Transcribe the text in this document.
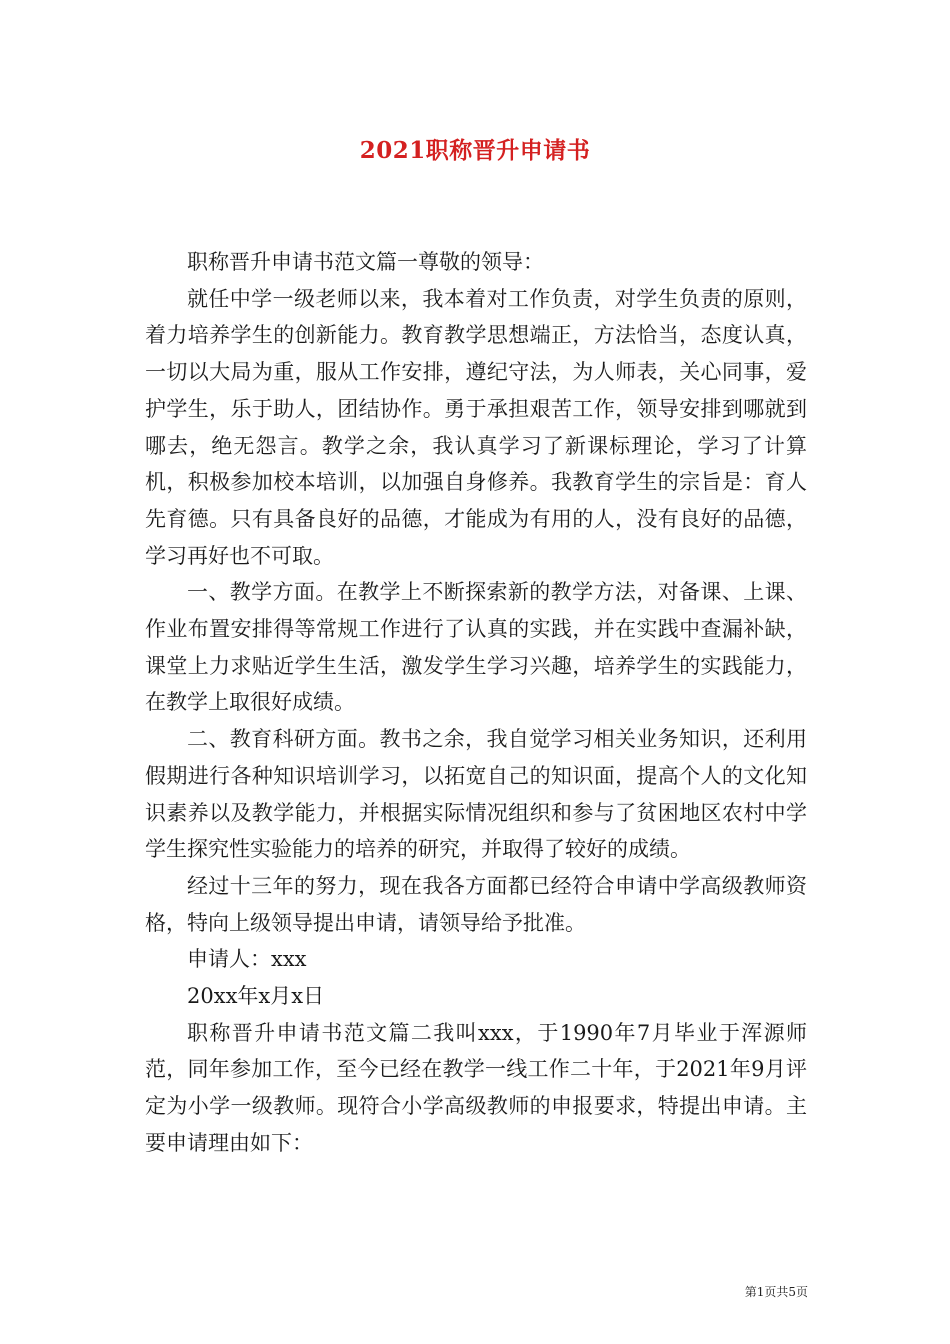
2021职称晋升申请书

职称晋升申请书范文篇一尊敬的领导：

就任中学一级老师以来，我本着对工作负责，对学生负责的原则，着力培养学生的创新能力。教育教学思想端正，方法恰当，态度认真，一切以大局为重，服从工作安排，遵纪守法，为人师表，关心同事，爱护学生，乐于助人，团结协作。勇于承担艰苦工作，领导安排到哪就到哪去，绝无怨言。教学之余，我认真学习了新课标理论，学习了计算机，积极参加校本培训，以加强自身修养。我教育学生的宗旨是：育人先育德。只有具备良好的品德，才能成为有用的人，没有良好的品德，学习再好也不可取。

一、教学方面。在教学上不断探索新的教学方法，对备课、上课、作业布置安排得等常规工作进行了认真的实践，并在实践中查漏补缺，课堂上力求贴近学生生活，激发学生学习兴趣，培养学生的实践能力，在教学上取很好成绩。

二、教育科研方面。教书之余，我自觉学习相关业务知识，还利用假期进行各种知识培训学习，以拓宽自己的知识面，提高个人的文化知识素养以及教学能力，并根据实际情况组织和参与了贫困地区农村中学学生探究性实验能力的培养的研究，并取得了较好的成绩。

经过十三年的努力，现在我各方面都已经符合申请中学高级教师资格，特向上级领导提出申请，请领导给予批准。

申请人：xxx

20xx年x月x日

职称晋升申请书范文篇二我叫xxx，于1990年7月毕业于浑源师范，同年参加工作，至今已经在教学一线工作二十年，于2021年9月评定为小学一级教师。现符合小学高级教师的申报要求，特提出申请。主要申请理由如下：

第1页共5页
